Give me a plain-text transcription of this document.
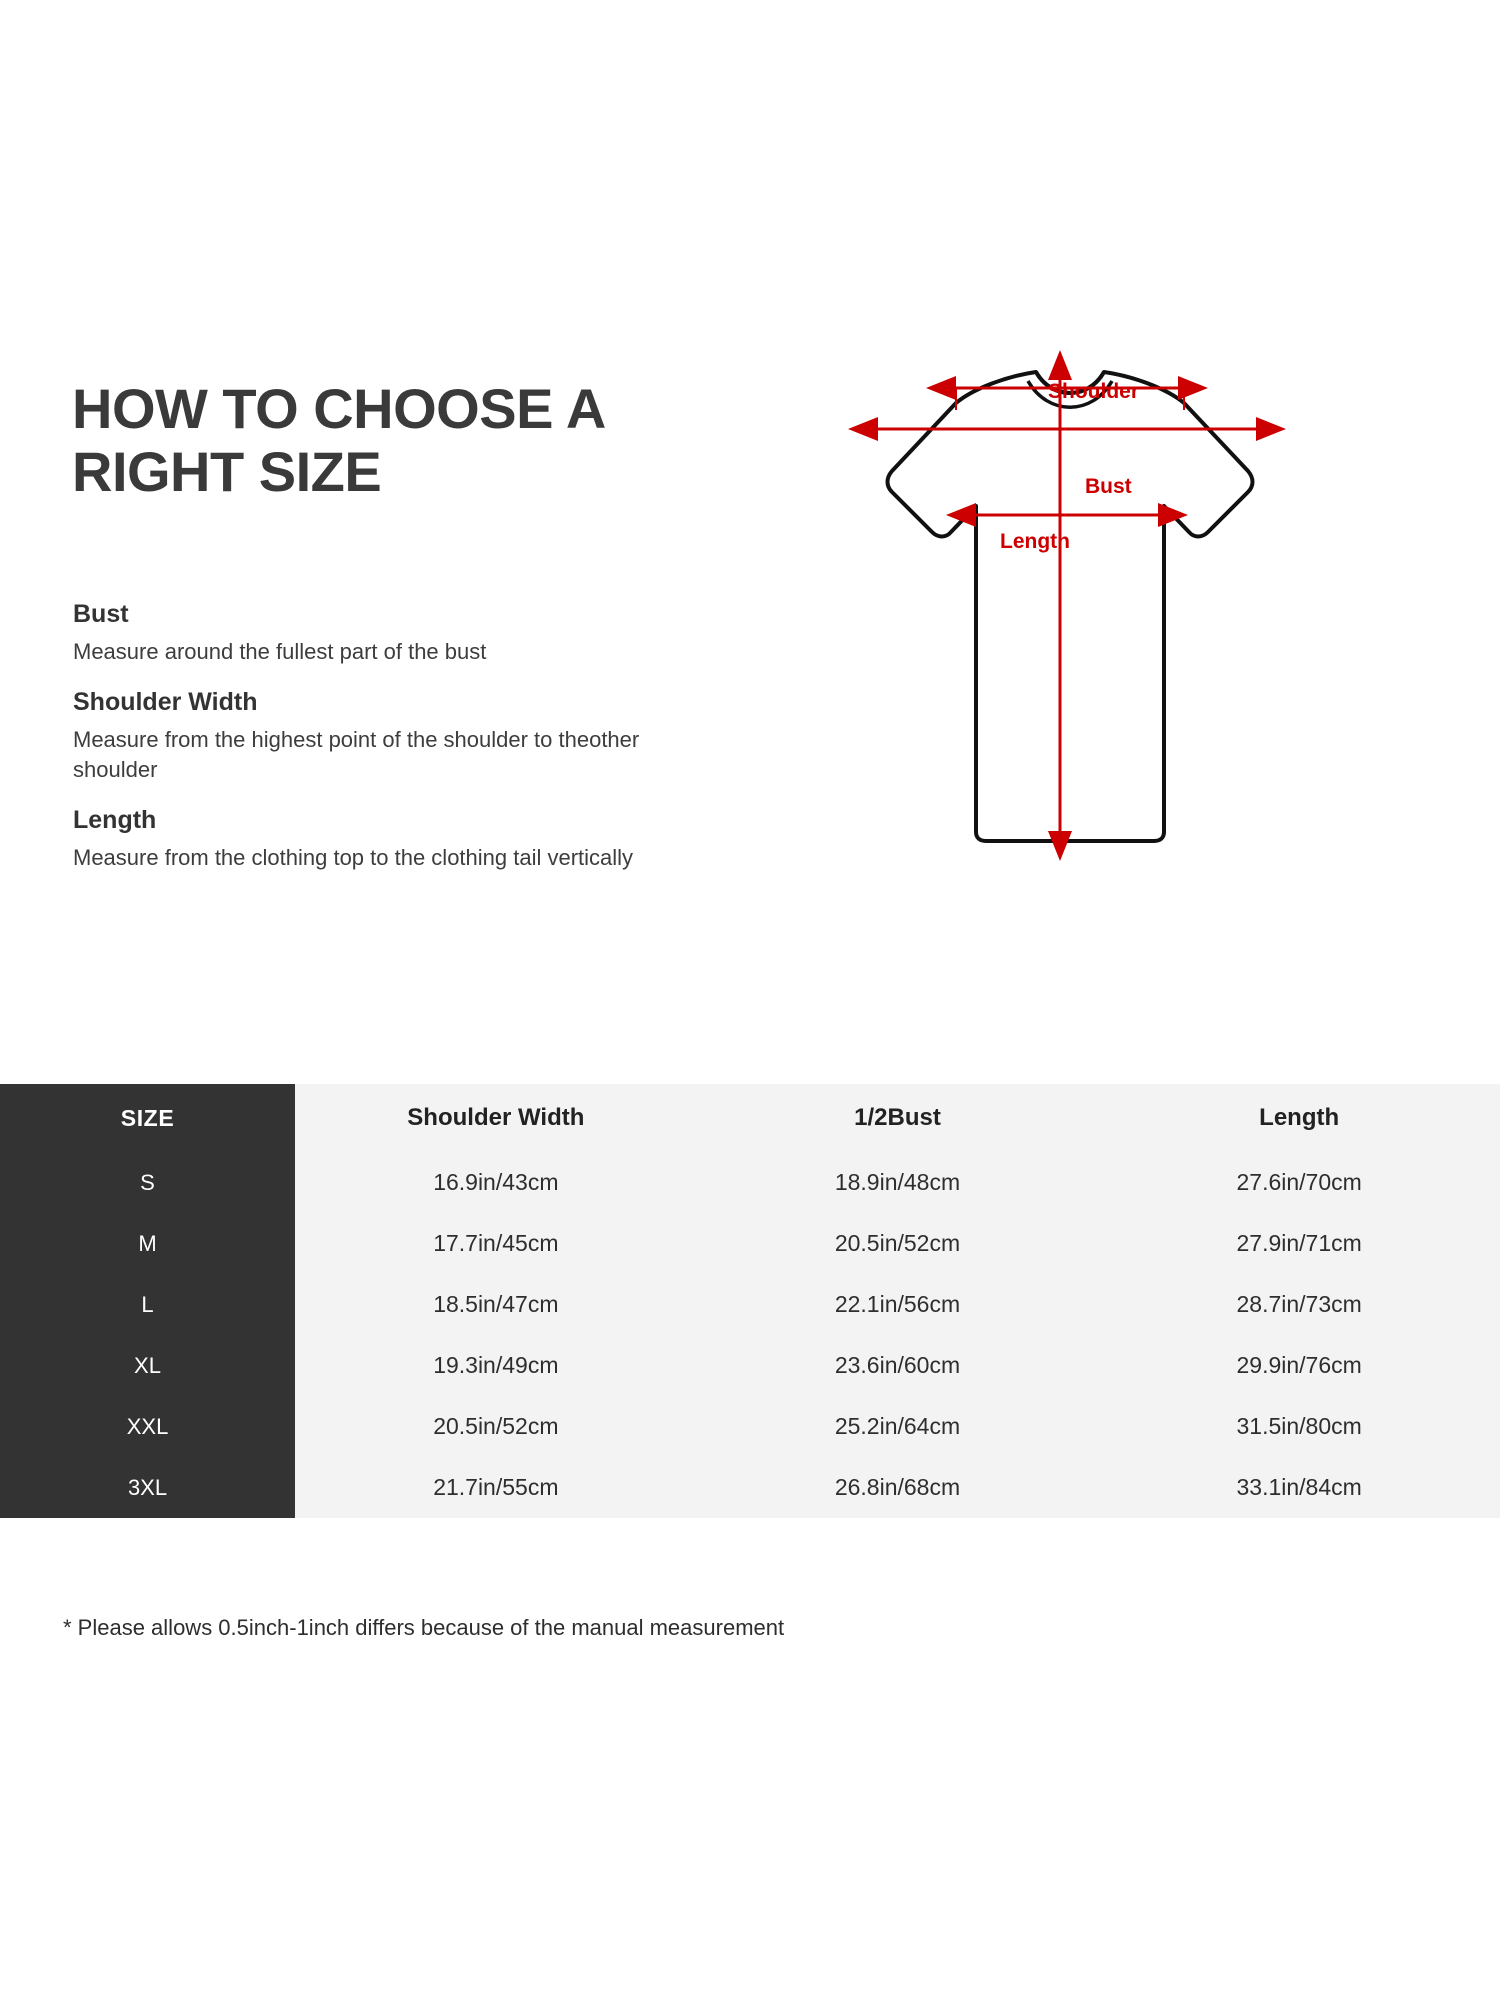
HOW TO CHOOSE A RIGHT SIZE
Bust
Measure around the fullest part of the bust
Shoulder Width
Measure from the highest point of the shoulder to theother shoulder
Length
Measure from the clothing top to the clothing tail vertically
Shoulder
Bust
Length
SIZE	Shoulder Width	1/2Bust	Length
S	16.9in/43cm	18.9in/48cm	27.6in/70cm
M	17.7in/45cm	20.5in/52cm	27.9in/71cm
L	18.5in/47cm	22.1in/56cm	28.7in/73cm
XL	19.3in/49cm	23.6in/60cm	29.9in/76cm
XXL	20.5in/52cm	25.2in/64cm	31.5in/80cm
3XL	21.7in/55cm	26.8in/68cm	33.1in/84cm
* Please allows 0.5inch-1inch differs because of the manual measurement
